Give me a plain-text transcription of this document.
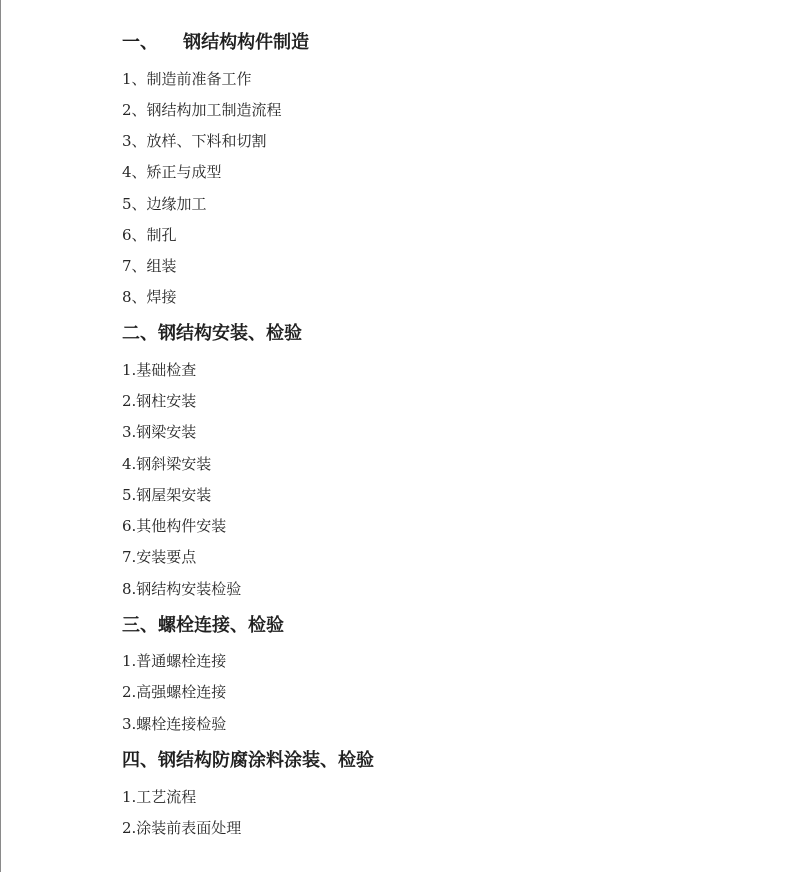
一、    钢结构构件制造
1、制造前准备工作
2、钢结构加工制造流程
3、放样、下料和切割
4、矫正与成型
5、边缘加工
6、制孔
7、组装
8、焊接
二、钢结构安装、检验
1.基础检查
2.钢柱安装
3.钢梁安装
4.钢斜梁安装
5.钢屋架安装
6.其他构件安装
7.安装要点
8.钢结构安装检验
三、螺栓连接、检验
1.普通螺栓连接
2.高强螺栓连接
3.螺栓连接检验
四、钢结构防腐涂料涂装、检验
1.工艺流程
2.涂装前表面处理
